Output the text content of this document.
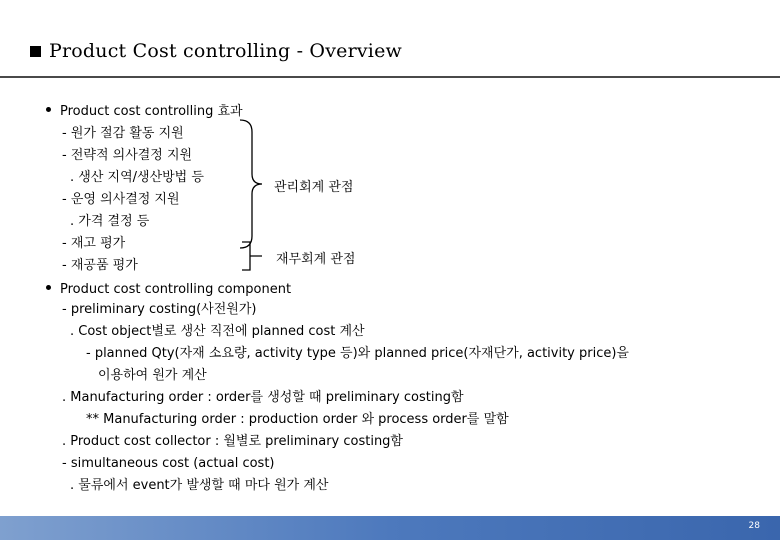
Product Cost controlling - Overview
Product cost controlling 효과
- 원가 절감 활동 지원
- 전략적 의사결정 지원
. 생산 지역/생산방법 등
- 운영 의사결정 지원
. 가격 결정 등
- 재고 평가
- 재공품 평가
관리회계 관점
재무회계 관점
Product cost controlling component
- preliminary costing(사전원가)
. Cost object별로 생산 직전에 planned cost 계산
- planned Qty(자재 소요량, activity type 등)와 planned price(자재단가, activity price)을
이용하여 원가 계산
. Manufacturing order : order를 생성할 때 preliminary costing함
** Manufacturing order : production order 와 process order를 말함
. Product cost collector : 월별로 preliminary costing함
- simultaneous cost (actual cost)
. 물류에서 event가 발생할 때 마다 원가 계산
28
